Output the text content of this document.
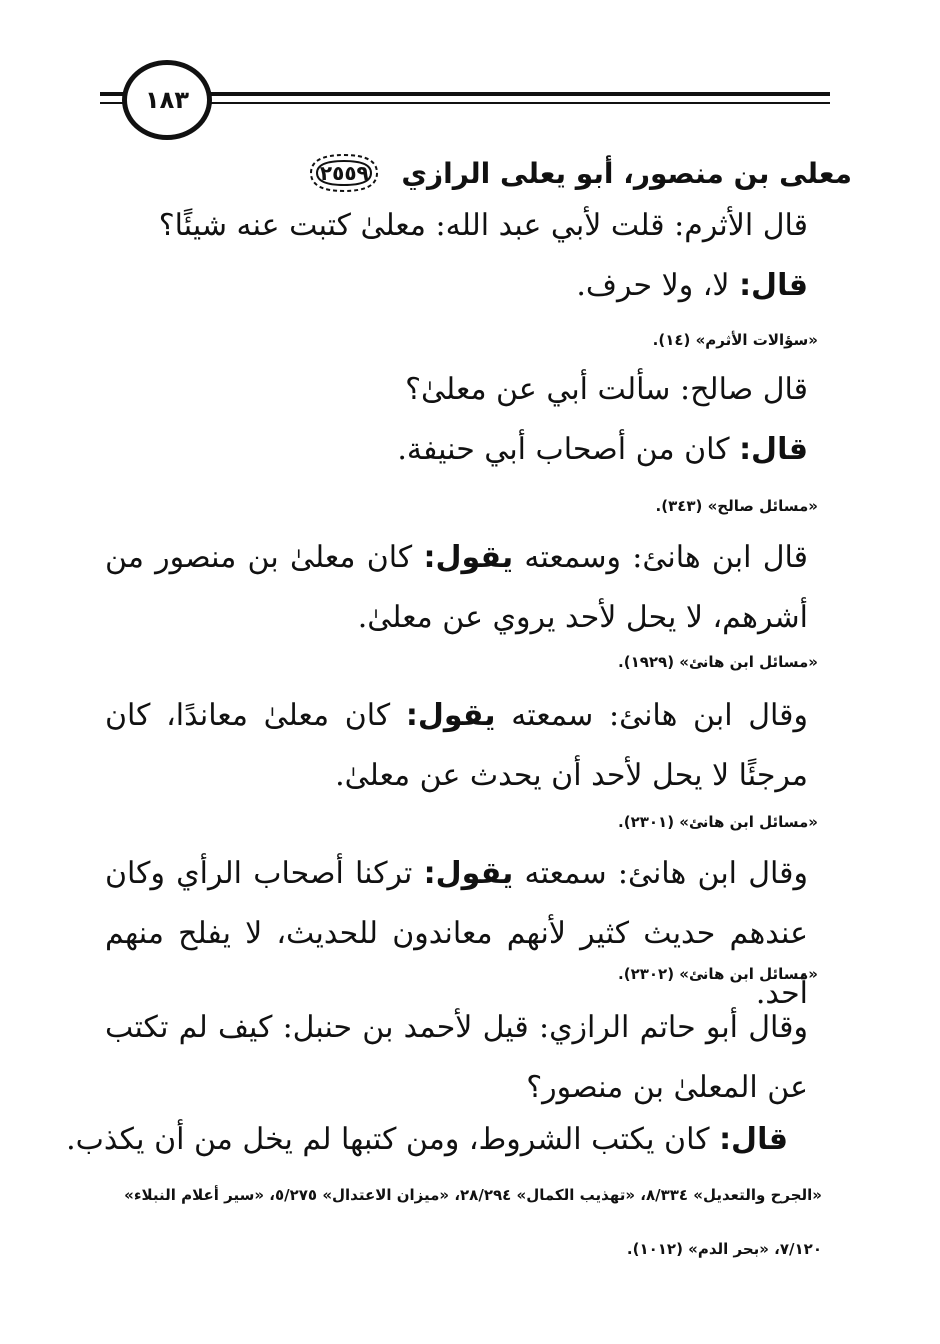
١٨٣
٢٥٥٩ معلى بن منصور، أبو يعلى الرازي
قال الأثرم: قلت لأبي عبد الله: معلىٰ كتبت عنه شيئًا؟
قال: لا، ولا حرف.
«سؤالات الأثرم» (١٤).
قال صالح: سألت أبي عن معلىٰ؟
قال: كان من أصحاب أبي حنيفة.
«مسائل صالح» (٣٤٣).
قال ابن هانئ: وسمعته يقول: كان معلىٰ بن منصور من أشرهم، لا يحل لأحد يروي عن معلىٰ.
«مسائل ابن هانئ» (١٩٢٩).
وقال ابن هانئ: سمعته يقول: كان معلىٰ معاندًا، كان مرجئًا لا يحل لأحد أن يحدث عن معلىٰ.
«مسائل ابن هانئ» (٢٣٠١).
وقال ابن هانئ: سمعته يقول: تركنا أصحاب الرأي وكان عندهم حديث كثير لأنهم معاندون للحديث، لا يفلح منهم أحد.
«مسائل ابن هانئ» (٢٣٠٢).
وقال أبو حاتم الرازي: قيل لأحمد بن حنبل: كيف لم تكتب عن المعلىٰ بن منصور؟
قال: كان يكتب الشروط، ومن كتبها لم يخل من أن يكذب.
«الجرح والتعديل» ٨/٣٣٤، «تهذيب الكمال» ٢٨/٢٩٤، «ميزان الاعتدال» ٥/٢٧٥، «سير أعلام النبلاء» ٧/١٢٠، «بحر الدم» (١٠١٢).
